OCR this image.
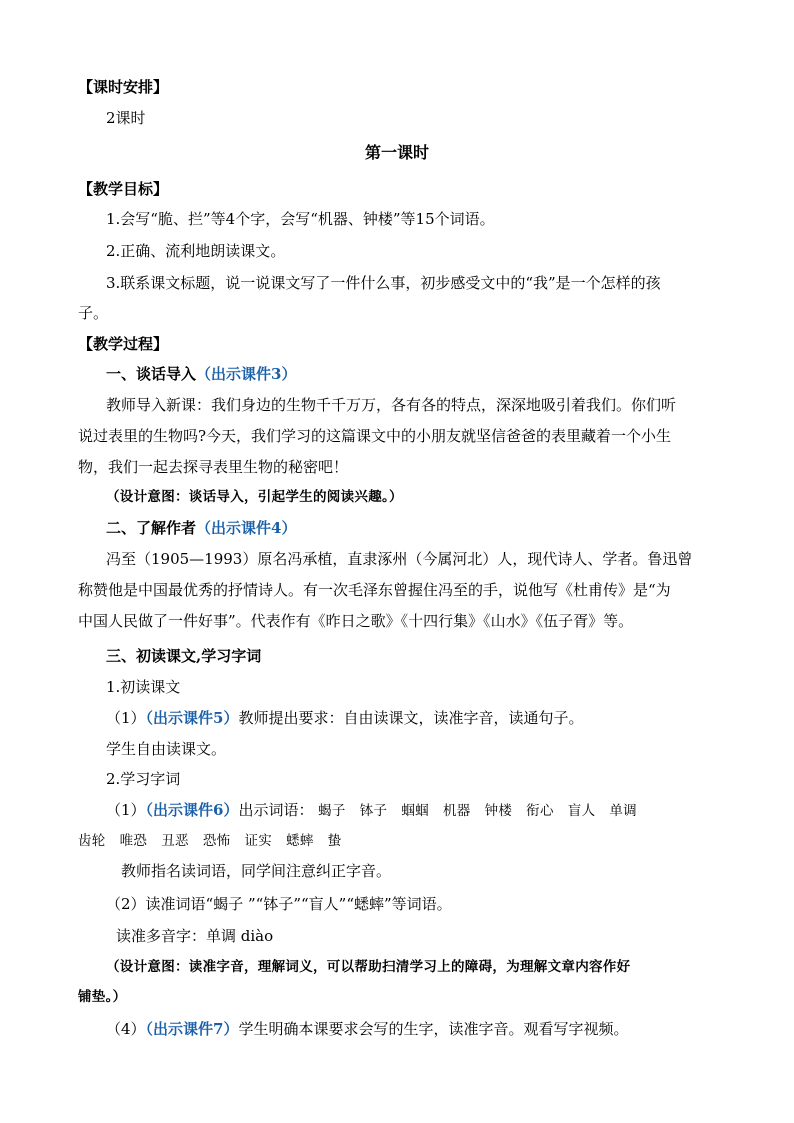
【课时安排】
2课时
第一课时
【教学目标】
1.会写“脆、拦”等4个字，会写“机器、钟楼”等15个词语。
2.正确、流利地朗读课文。
3.联系课文标题，说一说课文写了一件什么事，初步感受文中的“我”是一个怎样的孩
子。
【教学过程】
一、谈话导入（出示课件3）
教师导入新课：我们身边的生物千千万万，各有各的特点，深深地吸引着我们。你们听
说过表里的生物吗?今天，我们学习的这篇课文中的小朋友就坚信爸爸的表里藏着一个小生
物，我们一起去探寻表里生物的秘密吧！
（设计意图：谈话导入，引起学生的阅读兴趣。）
二、了解作者（出示课件4）
冯至（1905—1993）原名冯承植，直隶涿州（今属河北）人，现代诗人、学者。鲁迅曾
称赞他是中国最优秀的抒情诗人。有一次毛泽东曾握住冯至的手，说他写《杜甫传》是“为
中国人民做了一件好事”。代表作有《昨日之歌》《十四行集》《山水》《伍子胥》等。
三、初读课文,学习字词
1.初读课文
（1）（出示课件5）教师提出要求：自由读课文，读准字音，读通句子。
学生自由读课文。
2.学习字词
（1）（出示课件6）出示词语： 蝎子 钵子 蝈蝈 机器 钟楼 衔心 盲人 单调
齿轮 唯恐 丑恶 恐怖 证实 蟋蟀 蛰
教师指名读词语，同学间注意纠正字音。
（2）读准词语“蝎子 ”“钵子”“盲人”“蟋蟀”等词语。
读准多音字：单调 diào
（设计意图：读准字音，理解词义，可以帮助扫清学习上的障碍，为理解文章内容作好
铺垫。）
（4）（出示课件7）学生明确本课要求会写的生字，读准字音。观看写字视频。
